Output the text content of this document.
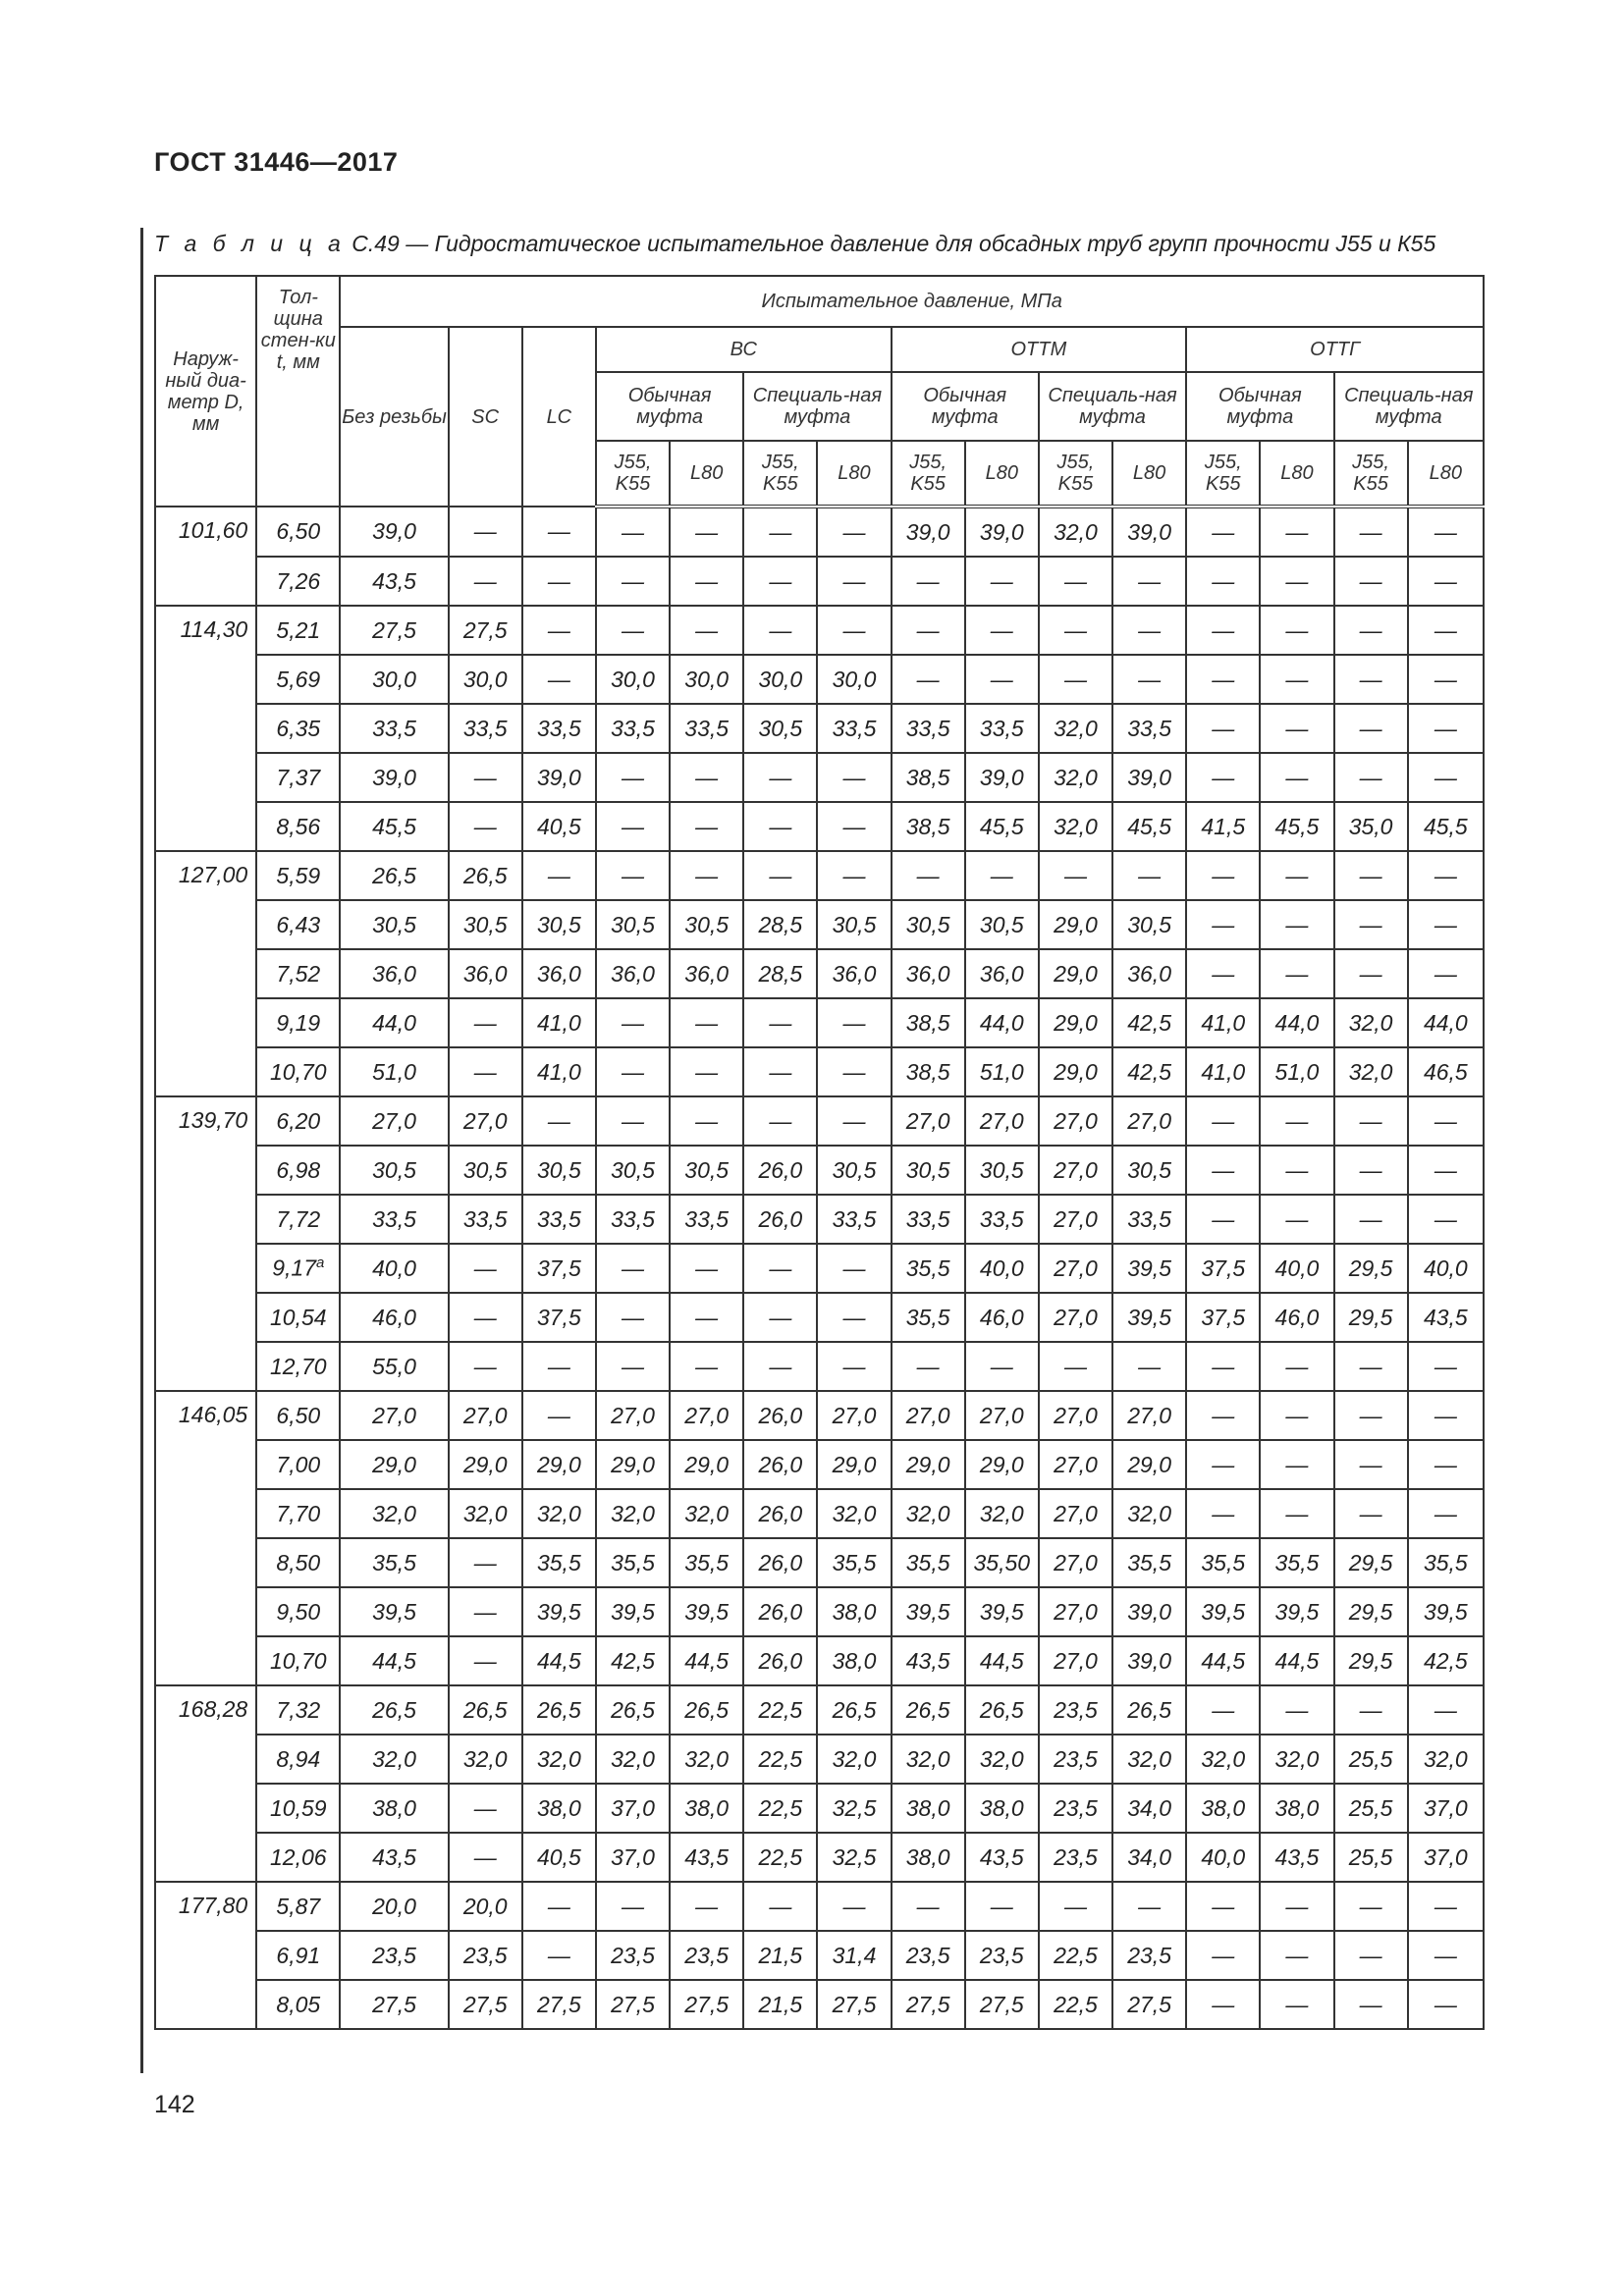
ГОСТ 31446—2017
Т а б л и ц а С.49 — Гидростатическое испытательное давление для обсадных труб групп прочности J55 и К55
Наруж-ный диа-метр D, мм	Тол-щина стен-ки t, мм	Испытательное давление, МПа														
		Без резьбы	SC	LC	ВС				ОТТМ				ОТТГ			
					Обычная муфта		Специаль-ная муфта		Обычная муфта		Специаль-ная муфта		Обычная муфта		Специаль-ная муфта	
					J55, K55	L80	J55, K55	L80	J55, K55	L80	J55, K55	L80	J55, K55	L80	J55, K55	L80
101,60	6,50	39,0	—	—	—	—	—	—	39,0	39,0	32,0	39,0	—	—	—	—
	7,26	43,5	—	—	—	—	—	—	—	—	—	—	—	—	—	—
114,30	5,21	27,5	27,5	—	—	—	—	—	—	—	—	—	—	—	—	—
	5,69	30,0	30,0	—	30,0	30,0	30,0	30,0	—	—	—	—	—	—	—	—
	6,35	33,5	33,5	33,5	33,5	33,5	30,5	33,5	33,5	33,5	32,0	33,5	—	—	—	—
	7,37	39,0	—	39,0	—	—	—	—	38,5	39,0	32,0	39,0	—	—	—	—
	8,56	45,5	—	40,5	—	—	—	—	38,5	45,5	32,0	45,5	41,5	45,5	35,0	45,5
127,00	5,59	26,5	26,5	—	—	—	—	—	—	—	—	—	—	—	—	—
	6,43	30,5	30,5	30,5	30,5	30,5	28,5	30,5	30,5	30,5	29,0	30,5	—	—	—	—
	7,52	36,0	36,0	36,0	36,0	36,0	28,5	36,0	36,0	36,0	29,0	36,0	—	—	—	—
	9,19	44,0	—	41,0	—	—	—	—	38,5	44,0	29,0	42,5	41,0	44,0	32,0	44,0
	10,70	51,0	—	41,0	—	—	—	—	38,5	51,0	29,0	42,5	41,0	51,0	32,0	46,5
139,70	6,20	27,0	27,0	—	—	—	—	—	27,0	27,0	27,0	27,0	—	—	—	—
	6,98	30,5	30,5	30,5	30,5	30,5	26,0	30,5	30,5	30,5	27,0	30,5	—	—	—	—
	7,72	33,5	33,5	33,5	33,5	33,5	26,0	33,5	33,5	33,5	27,0	33,5	—	—	—	—
	9,17$^a$	40,0	—	37,5	—	—	—	—	35,5	40,0	27,0	39,5	37,5	40,0	29,5	40,0
	10,54	46,0	—	37,5	—	—	—	—	35,5	46,0	27,0	39,5	37,5	46,0	29,5	43,5
	12,70	55,0	—	—	—	—	—	—	—	—	—	—	—	—	—	—
146,05	6,50	27,0	27,0	—	27,0	27,0	26,0	27,0	27,0	27,0	27,0	27,0	—	—	—	—
	7,00	29,0	29,0	29,0	29,0	29,0	26,0	29,0	29,0	29,0	27,0	29,0	—	—	—	—
	7,70	32,0	32,0	32,0	32,0	32,0	26,0	32,0	32,0	32,0	27,0	32,0	—	—	—	—
	8,50	35,5	—	35,5	35,5	35,5	26,0	35,5	35,5	35,50	27,0	35,5	35,5	35,5	29,5	35,5
	9,50	39,5	—	39,5	39,5	39,5	26,0	38,0	39,5	39,5	27,0	39,0	39,5	39,5	29,5	39,5
	10,70	44,5	—	44,5	42,5	44,5	26,0	38,0	43,5	44,5	27,0	39,0	44,5	44,5	29,5	42,5
168,28	7,32	26,5	26,5	26,5	26,5	26,5	22,5	26,5	26,5	26,5	23,5	26,5	—	—	—	—
	8,94	32,0	32,0	32,0	32,0	32,0	22,5	32,0	32,0	32,0	23,5	32,0	32,0	32,0	25,5	32,0
	10,59	38,0	—	38,0	37,0	38,0	22,5	32,5	38,0	38,0	23,5	34,0	38,0	38,0	25,5	37,0
	12,06	43,5	—	40,5	37,0	43,5	22,5	32,5	38,0	43,5	23,5	34,0	40,0	43,5	25,5	37,0
177,80	5,87	20,0	20,0	—	—	—	—	—	—	—	—	—	—	—	—	—
	6,91	23,5	23,5	—	23,5	23,5	21,5	31,4	23,5	23,5	22,5	23,5	—	—	—	—
	8,05	27,5	27,5	27,5	27,5	27,5	21,5	27,5	27,5	27,5	22,5	27,5	—	—	—	—
142
